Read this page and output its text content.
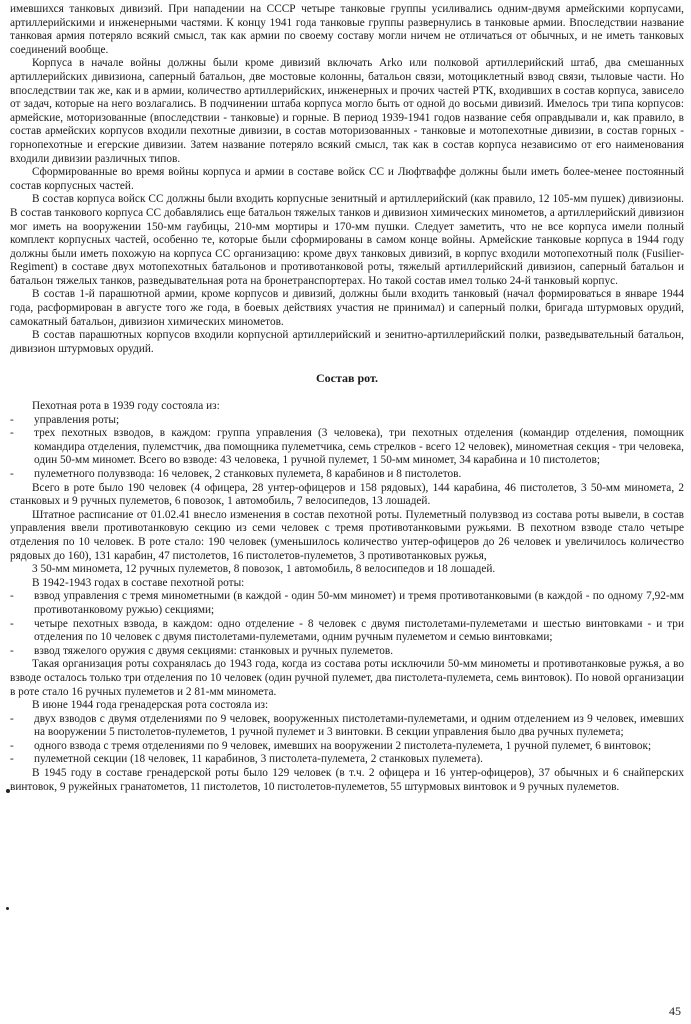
имевшихся танковых дивизий. При нападении на СССР четыре танковые группы усиливались одним-двумя армейскими корпусами, артиллерийскими и инженерными частями. К концу 1941 года танковые группы развернулись в танковые армии. Впоследствии название танковая армия потеряло всякий смысл, так как армии по своему составу могли ничем не отличаться от обычных, и не иметь танковых соединений вообще.

Корпуса в начале войны должны были кроме дивизий включать Arko или полковой артиллерийский штаб, два смешанных артиллерийских дивизиона, саперный батальон, две мостовые колонны, батальон связи, мотоциклетный взвод связи, тыловые части. Но впоследствии так же, как и в армии, количество артиллерийских, инженерных и прочих частей РТК, входивших в состав корпуса, зависело от задач, которые на него возлагались. В подчинении штаба корпуса могло быть от одной до восьми дивизий. Имелось три типа корпусов: армейские, моторизованные (впоследствии - танковые) и горные. В период 1939-1941 годов название себя оправдывали и, как правило, в состав армейских корпусов входили пехотные дивизии, в состав моторизованных - танковые и мотопехотные дивизии, в состав горных - горнопехотные и егерские дивизии. Затем название потеряло всякий смысл, так как в состав корпуса независимо от его наименования входили дивизии различных типов.

Сформированные во время войны корпуса и армии в составе войск СС и Люфтваффе должны были иметь более-менее постоянный состав корпусных частей.

В состав корпуса войск СС должны были входить корпусные зенитный и артиллерийский (как правило, 12 105-мм пушек) дивизионы. В состав танкового корпуса СС добавлялись еще батальон тяжелых танков и дивизион химических минометов, а артиллерийский дивизион мог иметь на вооружении 150-мм гаубицы, 210-мм мортиры и 170-мм пушки. Следует заметить, что не все корпуса имели полный комплект корпусных частей, особенно те, которые были сформированы в самом конце войны. Армейские танковые корпуса в 1944 году должны были иметь похожую на корпуса СС организацию: кроме двух танковых дивизий, в корпус входили мотопехотный полк (Fusilier-Regiment) в составе двух мотопехотных батальонов и противотанковой роты, тяжелый артиллерийский дивизион, саперный батальон и батальон тяжелых танков, разведывательная рота на бронетранспортерах. Но такой состав имел только 24-й танковый корпус.

В состав 1-й парашютной армии, кроме корпусов и дивизий, должны были входить танковый (начал формироваться в январе 1944 года, расформирован в августе того же года, в боевых действиях участия не принимал) и саперный полки, бригада штурмовых орудий, самокатный батальон, дивизион химических минометов.

В состав парашютных корпусов входили корпусной артиллерийский и зенитно-артиллерийский полки, разведывательный батальон, дивизион штурмовых орудий.

Состав рот.

Пехотная рота в 1939 году состояла из:

- управления роты;
- трех пехотных взводов, в каждом: группа управления (3 человека), три пехотных отделения (командир отделения, помощник командира отделения, пулемстчик, два помощника пулеметчика, семь стрелков - всего 12 человек), минометная секция - три человека, один 50-мм миномет. Всего во взводе: 43 человека, 1 ручной пулемет, 1 50-мм миномет, 34 карабина и 10 пистолетов;
- пулеметного полувзвода: 16 человек, 2 станковых пулемета, 8 карабинов и 8 пистолетов.

Всего в роте было 190 человек (4 офицера, 28 унтер-офицеров и 158 рядовых), 144 карабина, 46 пистолетов, 3 50-мм миномета, 2 станковых и 9 ручных пулеметов, 6 повозок, 1 автомобиль, 7 велосипедов, 13 лошадей.

Штатное расписание от 01.02.41 внесло изменения в состав пехотной роты. Пулеметный полувзвод из состава роты вывели, в состав управления ввели противотанковую секцию из семи человек с тремя противотанковыми ружьями. В пехотном взводе стало четыре отделения по 10 человек. В роте стало: 190 человек (уменьшилось количество унтер-офицеров до 26 человек и увеличилось количество рядовых до 160), 131 карабин, 47 пистолетов, 16 пистолетов-пулеметов, 3 противотанковых ружья,

3 50-мм миномета, 12 ручных пулеметов, 8 повозок, 1 автомобиль, 8 велосипедов и 18 лошадей.

В 1942-1943 годах в составе пехотной роты:

- взвод управления с тремя минометными (в каждой - один 50-мм миномет) и тремя противотанковыми (в каждой - по одному 7,92-мм противотанковому ружью) секциями;
- четыре пехотных взвода, в каждом: одно отделение - 8 человек с двумя пистолетами-пулеметами и шестью винтовками - и три отделения по 10 человек с двумя пистолетами-пулеметами, одним ручным пулеметом и семью винтовками;
- взвод тяжелого оружия с двумя секциями: станковых и ручных пулеметов.

Такая организация роты сохранялась до 1943 года, когда из состава роты исключили 50-мм минометы и противотанковые ружья, а во взводе осталось только три отделения по 10 человек (один ручной пулемет, два пистолета-пулемета, семь винтовок). По новой организации в роте стало 16 ручных пулеметов и 2 81-мм миномета.

В июне 1944 года гренадерская рота состояла из:

- двух взводов с двумя отделениями по 9 человек, вооруженных пистолетами-пулеметами, и одним отделением из 9 человек, имевших на вооружении 5 пистолетов-пулеметов, 1 ручной пулемет и 3 винтовки. В секции управления было два ручных пулемета;
- одного взвода с тремя отделениями по 9 человек, имевших на вооружении 2 пистолета-пулемета, 1 ручной пулемет, 6 винтовок;
- пулеметной секции (18 человек, 11 карабинов, 3 пистолета-пулемета, 2 станковых пулемета).

В 1945 году в составе гренадерской роты было 129 человек (в т.ч. 2 офицера и 16 унтер-офицеров), 37 обычных и 6 снайперских винтовок, 9 ружейных гранатометов, 11 пистолетов, 10 пистолетов-пулеметов, 55 штурмовых винтовок и 9 ручных пулеметов.

45
